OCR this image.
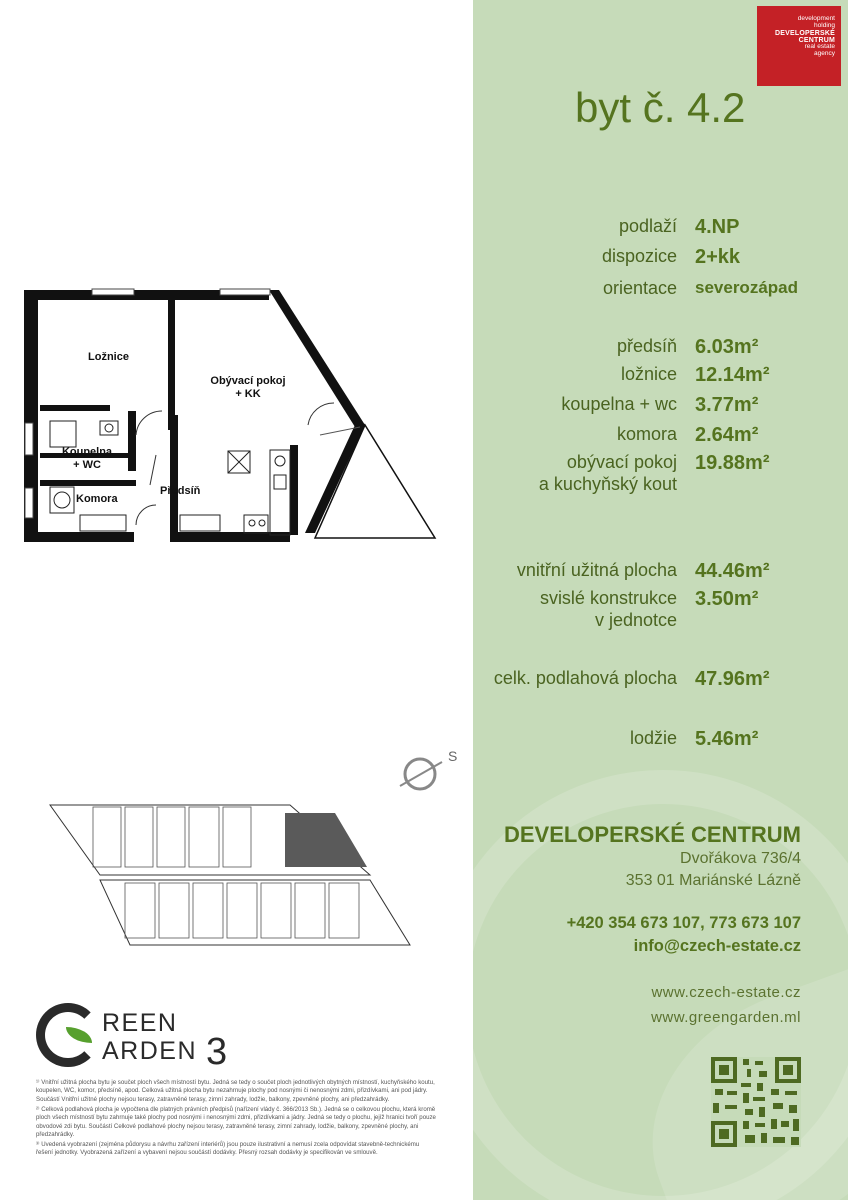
development
holding
DEVELOPERSKÉ
CENTRUM
real estate
agency
byt č. 4.2
podlaží 4.NP
dispozice 2+kk
orientace	severozápad
předsíň 6.03m²
ložnice 12.14m²
koupelna + wc 3.77m²
komora 2.64m²
obývací pokoj
a kuchyňský kout
19.88m²
vnitřní užitná plocha 44.46m²
svislé konstrukce
v jednotce
3.50m²
celk. podlahová plocha 47.96m²
lodžie 5.46m²
DEVELOPERSKÉ CENTRUM
Dvořákova 736/4
353 01 Mariánské Lázně
+420 354 673 107, 773 673 107
info@czech-estate.cz
www.czech-estate.cz
www.greengarden.ml
Ložnice
Obývací pokoj
+ KK
Koupelna
+ WC
Komora
Předsíň
S
REEN
ARDEN 3

¹⁾ Vnitřní užitná plocha bytu je součet ploch všech místností bytu. Jedná se tedy o součet ploch jednotlivých obytných místností, kuchyňského koutu, koupelen, WC, komor, předsíně, apod. Celková užitná plocha bytu nezahrnuje plochy pod nosnými či nenosnými zdmi, přizdívkami, ani pod jádry. Součástí Vnitřní užitné plochy nejsou terasy, zatravněné terasy, zimní zahrady, lodžie, balkony, zpevněné plochy, ani předzahrádky.

²⁾ Celková podlahová plocha je vypočtena dle platných právních předpisů (nařízení vlády č. 366/2013 Sb.). Jedná se o celkovou plochu, která kromě ploch všech místností bytu zahrnuje také plochy pod nosnými i nenosnými zdmi, přizdívkami a jádry. Jedná se tedy o plochu, jejíž hranici tvoří pouze obvodové zdi bytu. Součástí Celkové podlahové plochy nejsou terasy, zatravněné terasy, zimní zahrady, lodžie, balkony, zpevněné plochy, ani předzahrádky.

³⁾ Uvedená vyobrazení (zejména půdorysu a návrhu zařízení interiérů) jsou pouze ilustrativní a nemusí zcela odpovídat stavebně-technickému řešení jednotky. Vyobrazená zařízení a vybavení nejsou součástí dodávky. Přesný rozsah dodávky je specifikován ve smlouvě.
